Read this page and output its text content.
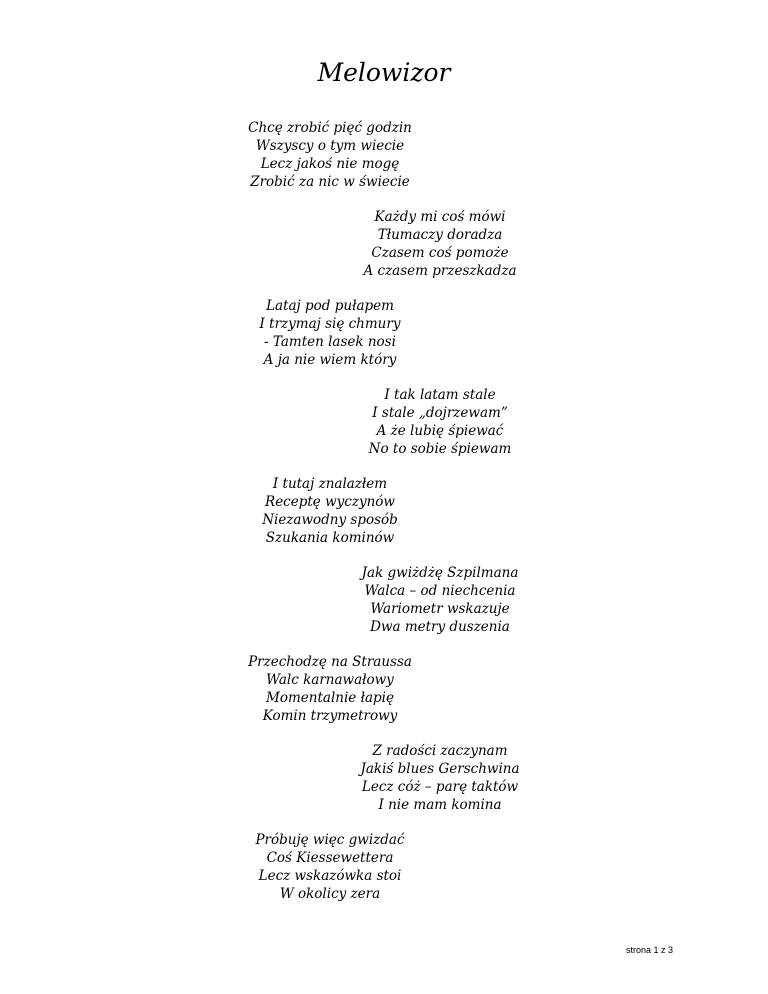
Melowizor
Chcę zrobić pięć godzin
Wszyscy o tym wiecie
Lecz jakoś nie mogę
Zrobić za nic w świecie
Każdy mi coś mówi
Tłumaczy doradza
Czasem coś pomoże
A czasem przeszkadza
Lataj pod pułapem
I trzymaj się chmury
- Tamten lasek nosi
A ja nie wiem który
I tak latam stale
I stale „dojrzewam”
A że lubię śpiewać
No to sobie śpiewam
I tutaj znalazłem
Receptę wyczynów
Niezawodny sposób
Szukania kominów
Jak gwiżdżę Szpilmana
Walca – od niechcenia
Wariometr wskazuje
Dwa metry duszenia
Przechodzę na Straussa
Walc karnawałowy
Momentalnie łapię
Komin trzymetrowy
Z radości zaczynam
Jakiś blues Gerschwina
Lecz cóż – parę taktów
I nie mam komina
Próbuję więc gwizdać
Coś Kiessewettera
Lecz wskazówka stoi
W okolicy zera
strona 1 z 3
